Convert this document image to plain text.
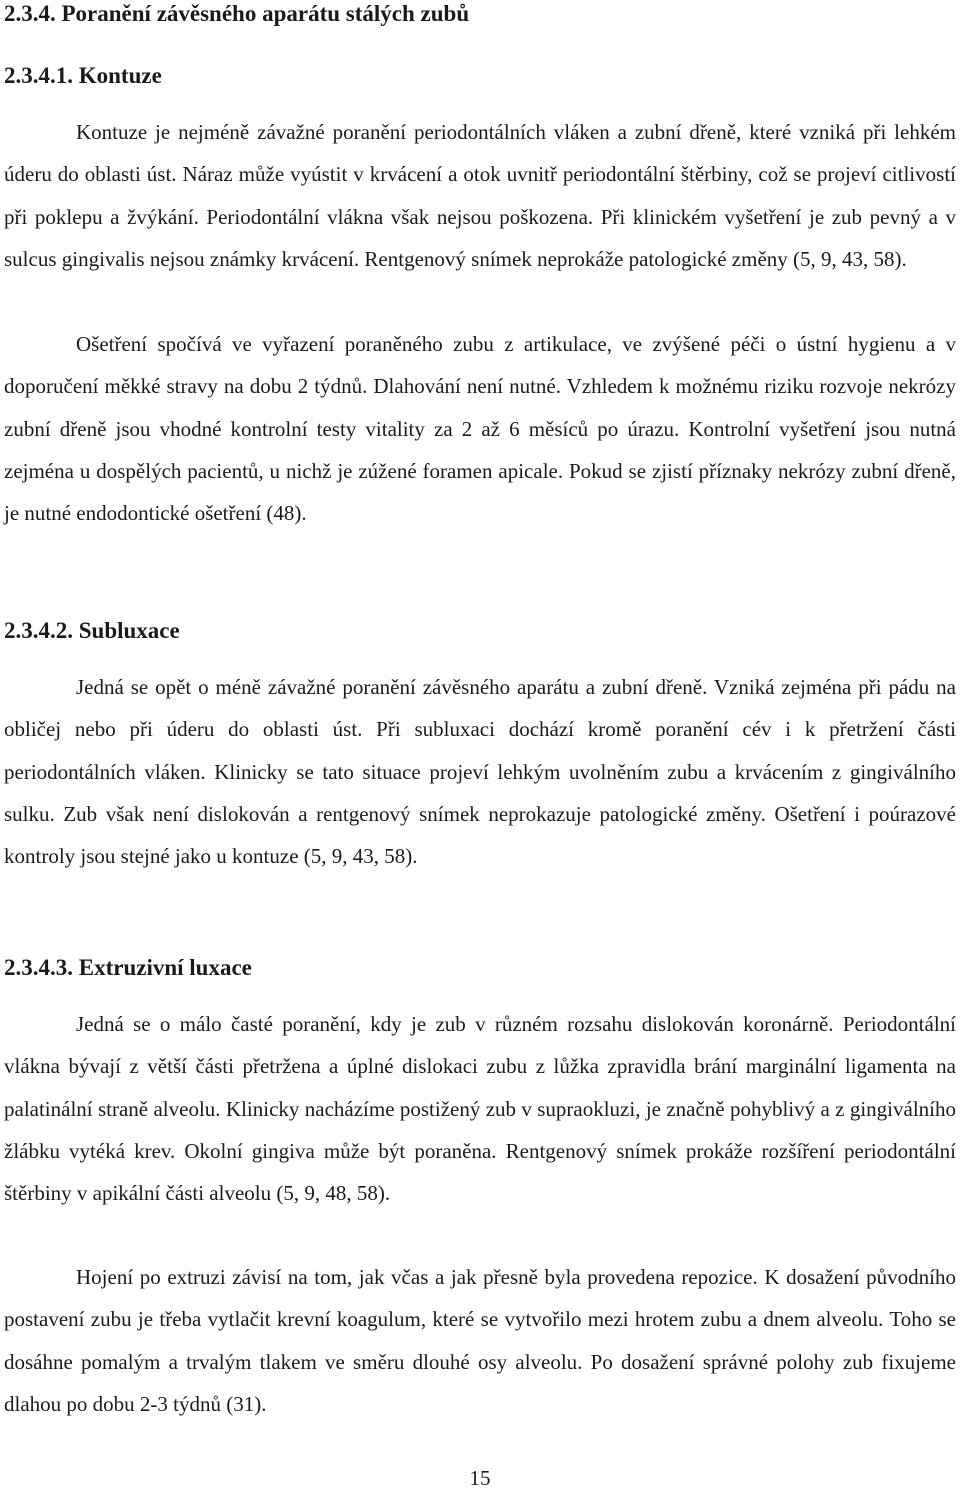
2.3.4. Poranění závěsného aparátu stálých zubů
2.3.4.1. Kontuze

Kontuze je nejméně závažné poranění periodontálních vláken a zubní dřeně, které vzniká při lehkém úderu do oblasti úst. Náraz může vyústit v krvácení a otok uvnitř periodontální štěrbiny, což se projeví citlivostí při poklepu a žvýkání. Periodontální vlákna však nejsou poškozena. Při klinickém vyšetření je zub pevný a v sulcus gingivalis nejsou známky krvácení. Rentgenový snímek neprokáže patologické změny (5, 9, 43, 58).

Ošetření spočívá ve vyřazení poraněného zubu z artikulace, ve zvýšené péči o ústní hygienu a v doporučení měkké stravy na dobu 2 týdnů. Dlahování není nutné. Vzhledem k možnému riziku rozvoje nekrózy zubní dřeně jsou vhodné kontrolní testy vitality za 2 až 6 měsíců po úrazu. Kontrolní vyšetření jsou nutná zejména u dospělých pacientů, u nichž je zúžené foramen apicale. Pokud se zjistí příznaky nekrózy zubní dřeně, je nutné endodontické ošetření (48).

2.3.4.2. Subluxace

Jedná se opět o méně závažné poranění závěsného aparátu a zubní dřeně. Vzniká zejména při pádu na obličej nebo při úderu do oblasti úst. Při subluxaci dochází kromě poranění cév i k přetržení části periodontálních vláken. Klinicky se tato situace projeví lehkým uvolněním zubu a krvácením z gingiválního sulku. Zub však není dislokován a rentgenový snímek neprokazuje patologické změny. Ošetření i poúrazové kontroly jsou stejné jako u kontuze (5, 9, 43, 58).

2.3.4.3. Extruzivní luxace

Jedná se o málo časté poranění, kdy je zub v různém rozsahu dislokován koronárně. Periodontální vlákna bývají z větší části přetržena a úplné dislokaci zubu z lůžka zpravidla brání marginální ligamenta na palatinální straně alveolu. Klinicky nacházíme postižený zub v supraokluzi, je značně pohyblivý a z gingiválního žlábku vytéká krev. Okolní gingiva může být poraněna. Rentgenový snímek prokáže rozšíření periodontální štěrbiny v apikální části alveolu (5, 9, 48, 58).

Hojení po extruzi závisí na tom, jak včas a jak přesně byla provedena repozice. K dosažení původního postavení zubu je třeba vytlačit krevní koagulum, které se vytvořilo mezi hrotem zubu a dnem alveolu. Toho se dosáhne pomalým a trvalým tlakem ve směru dlouhé osy alveolu. Po dosažení správné polohy zub fixujeme dlahou po dobu 2-3 týdnů (31).

15
